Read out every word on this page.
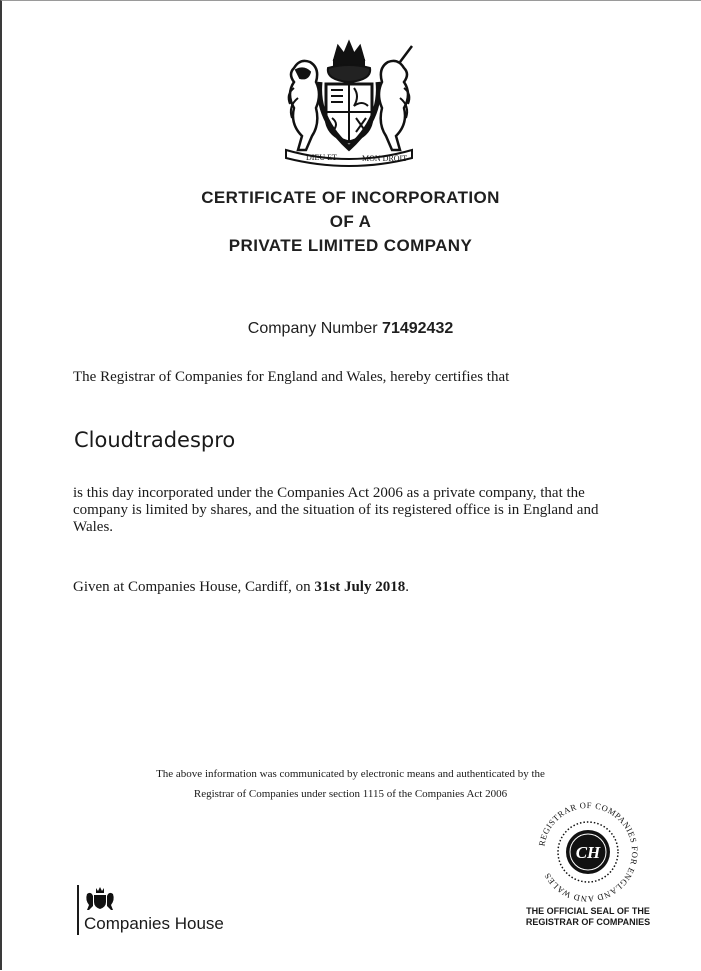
DIEU ET	MON DROIT
CERTIFICATE OF INCORPORATION
OF A
PRIVATE LIMITED COMPANY
Company Number 71492432
The Registrar of Companies for England and Wales, hereby certifies that
Cloudtradespro
is this day incorporated under the Companies Act 2006 as a private company, that the company is limited by shares, and the situation of its registered office is in England and Wales.
Given at Companies House, Cardiff, on 31st July 2018.
The above information was communicated by electronic means and authenticated by the
Registrar of Companies under section 1115 of the Companies Act 2006
REGISTRAR OF COMPANIES FOR ENGLAND AND WALES
CH
THE OFFICIAL SEAL OF THE
REGISTRAR OF COMPANIES
Companies House
